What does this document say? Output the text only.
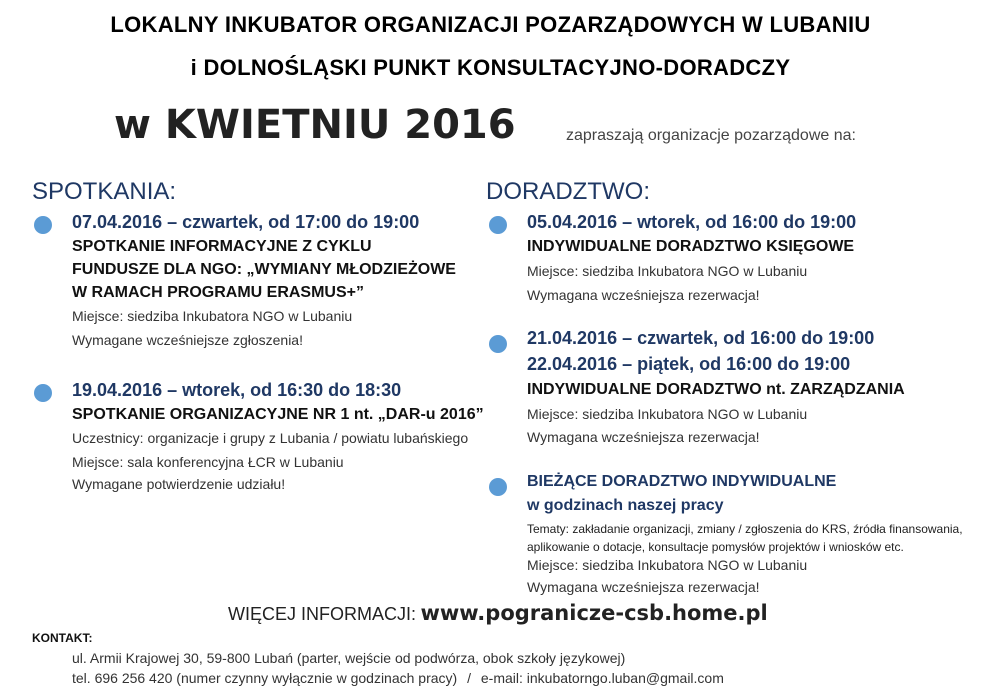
LOKALNY INKUBATOR ORGANIZACJI POZARZĄDOWYCH W LUBANIU
i DOLNOŚLĄSKI PUNKT KONSULTACYJNO-DORADCZY
w KWIETNIU 2016	zapraszają organizacje pozarządowe na:
SPOTKANIA:
07.04.2016 – czwartek, od 17:00 do 19:00
SPOTKANIE INFORMACYJNE Z CYKLU
FUNDUSZE DLA NGO: „WYMIANY MŁODZIEŻOWE
W RAMACH PROGRAMU ERASMUS+”
Miejsce: siedziba Inkubatora NGO w Lubaniu
Wymagane wcześniejsze zgłoszenia!
19.04.2016 – wtorek, od 16:30 do 18:30
SPOTKANIE ORGANIZACYJNE NR 1 nt. „DAR-u 2016”
Uczestnicy: organizacje i grupy z Lubania / powiatu lubańskiego
Miejsce: sala konferencyjna ŁCR w Lubaniu
Wymagane potwierdzenie udziału!
DORADZTWO:
05.04.2016 – wtorek, od 16:00 do 19:00
INDYWIDUALNE DORADZTWO KSIĘGOWE
Miejsce: siedziba Inkubatora NGO w Lubaniu
Wymagana wcześniejsza rezerwacja!
21.04.2016 – czwartek, od 16:00 do 19:00
22.04.2016 – piątek, od 16:00 do 19:00
INDYWIDUALNE DORADZTWO nt. ZARZĄDZANIA
Miejsce: siedziba Inkubatora NGO w Lubaniu
Wymagana wcześniejsza rezerwacja!
BIEŻĄCE DORADZTWO INDYWIDUALNE
w godzinach naszej pracy
Tematy: zakładanie organizacji, zmiany / zgłoszenia do KRS, źródła finansowania,
aplikowanie o dotacje, konsultacje pomysłów projektów i wniosków etc.
Miejsce: siedziba Inkubatora NGO w Lubaniu
Wymagana wcześniejsza rezerwacja!
WIĘCEJ INFORMACJI: www.pogranicze-csb.home.pl
KONTAKT:
ul. Armii Krajowej 30, 59-800 Lubań (parter, wejście od podwórza, obok szkoły językowej)
tel. 696 256 420 (numer czynny wyłącznie w godzinach pracy) / e-mail: inkubatorngo.luban@gmail.com
